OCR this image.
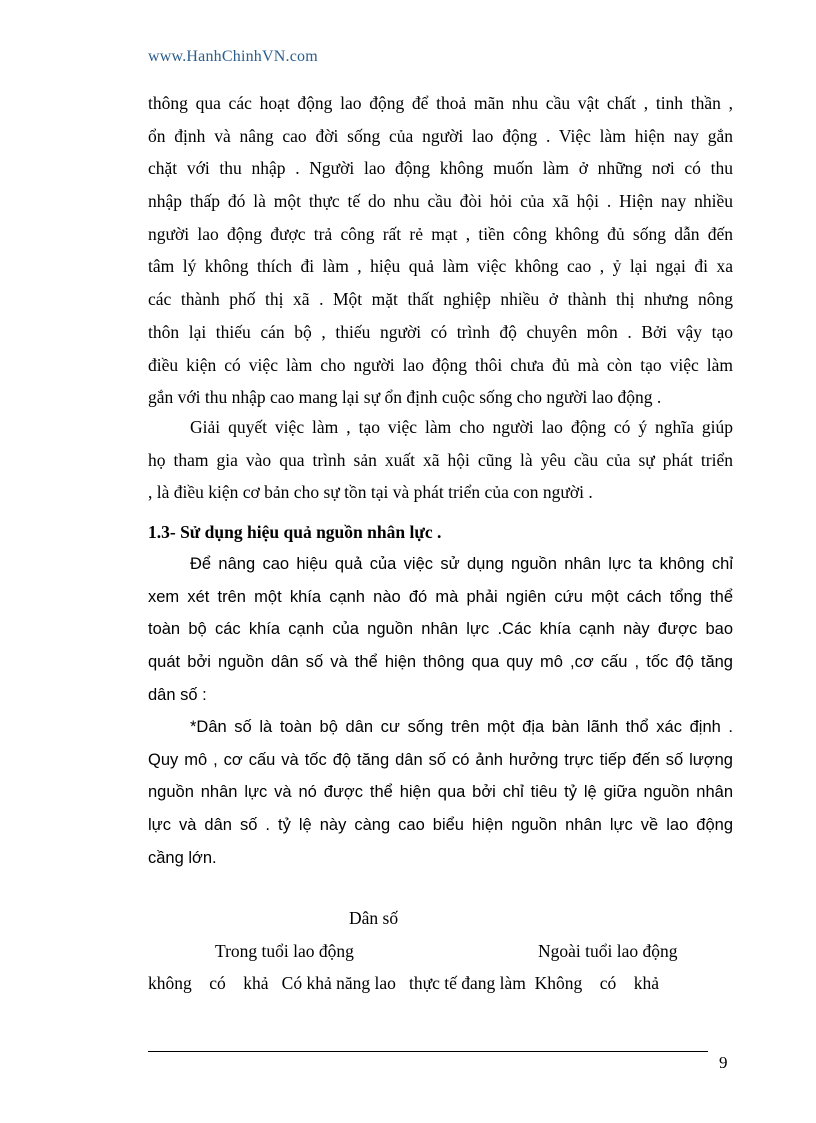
www.HanhChinhVN.com
thông qua các hoạt động lao động để thoả mãn nhu cầu vật chất , tinh thần ,
ổn định và nâng cao đời sống của người lao động . Việc làm hiện nay gắn
chặt với thu nhập . Người lao động không muốn làm ở những nơi có thu
nhập thấp đó là một thực tế do nhu cầu đòi hỏi của xã hội . Hiện nay nhiều
người lao động được trả công rất rẻ mạt , tiền công không đủ sống dẫn đến
tâm lý không thích đi làm , hiệu quả làm việc không cao , ỷ lại ngại đi xa
các thành phố thị xã . Một mặt thất nghiệp nhiều ở thành thị nhưng nông
thôn lại thiếu cán bộ , thiếu người có trình độ chuyên môn . Bởi vậy tạo
điều kiện có việc làm cho người lao động thôi chưa đủ mà còn tạo việc làm
gắn với thu nhập cao mang lại sự ổn định cuộc sống cho người lao động .
Giải quyết việc làm , tạo việc làm cho người lao động có ý nghĩa giúp
họ tham gia vào qua trình sản xuất xã hội cũng là yêu cầu của sự phát triển
, là điều kiện cơ bản cho sự tồn tại và phát triển của con người .
1.3- Sử dụng hiệu quả nguồn nhân lực .
Để nâng cao hiệu quả của việc sử dụng nguồn nhân lực ta không chỉ
xem xét trên một khía cạnh nào đó mà phải ngiên cứu một cách tổng thể
toàn bộ các khía cạnh của nguồn nhân lực .Các khía cạnh này được bao
quát bởi nguồn dân số và thể hiện thông qua quy mô ,cơ cấu , tốc độ tăng
dân số :
*Dân số là toàn bộ dân cư sống trên một địa bàn lãnh thổ xác định .
Quy mô , cơ cấu và tốc độ tăng dân số có ảnh hưởng trực tiếp đến số lượng
nguồn nhân lực và nó được thể hiện qua bởi chỉ tiêu tỷ lệ giữa nguồn nhân
lực và dân số . tỷ lệ này càng cao biểu hiện nguồn nhân lực về lao động
cầng lớn.
Dân số
Trong tuổi lao động	Ngoài tuổi lao động
không    có    khả   Có khả năng lao   thực tế đang làm  Không    có    khả
9
